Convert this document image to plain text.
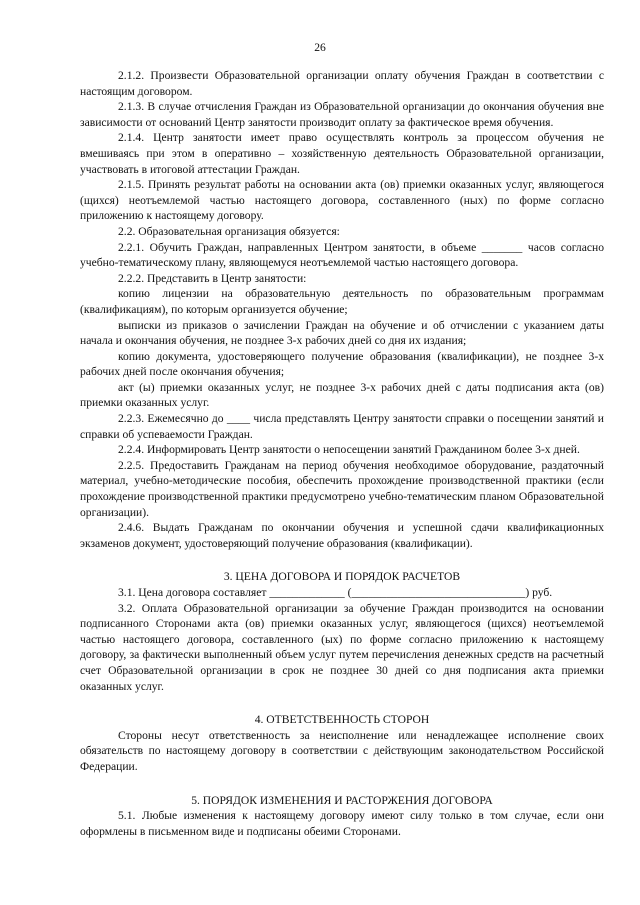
26

2.1.2. Произвести Образовательной организации оплату обучения Граждан в соответствии с настоящим договором.

2.1.3. В случае отчисления Граждан из Образовательной организации до окончания обучения вне зависимости от оснований Центр занятости производит оплату за фактическое время обучения.

2.1.4. Центр занятости имеет право осуществлять контроль за процессом обучения не вмешиваясь при этом в оперативно – хозяйственную деятельность Образовательной организации, участвовать в итоговой аттестации Граждан.

2.1.5. Принять результат работы на основании акта (ов) приемки оказанных услуг, являющегося (щихся) неотъемлемой частью настоящего договора, составленного (ных) по форме согласно приложению к настоящему договору.

2.2. Образовательная организация обязуется:

2.2.1. Обучить Граждан, направленных Центром занятости, в объеме _______ часов согласно учебно-тематическому плану, являющемуся неотъемлемой частью настоящего договора.

2.2.2. Представить в Центр занятости:

копию лицензии на образовательную деятельность по образовательным программам (квалификациям), по которым организуется обучение;

выписки из приказов о зачислении Граждан на обучение и об отчислении с указанием даты начала и окончания обучения, не позднее 3-х рабочих дней со дня их издания;

копию документа, удостоверяющего получение образования (квалификации), не позднее 3-х рабочих дней после окончания обучения;

акт (ы) приемки оказанных услуг, не позднее 3-х рабочих дней с даты подписания акта (ов) приемки оказанных услуг.

2.2.3. Ежемесячно до ____ числа представлять Центру занятости справки о посещении занятий и справки об успеваемости Граждан.

2.2.4. Информировать Центр занятости о непосещении занятий Гражданином более 3-х дней.

2.2.5. Предоставить Гражданам на период обучения необходимое оборудование, раздаточный материал, учебно-методические пособия, обеспечить прохождение производственной практики (если прохождение производственной практики предусмотрено учебно-тематическим планом Образовательной организации).

2.4.6. Выдать Гражданам по окончании обучения и успешной сдачи квалификационных экзаменов документ, удостоверяющий получение образования (квалификации).

3. ЦЕНА ДОГОВОРА И ПОРЯДОК РАСЧЕТОВ

3.1. Цена договора составляет _____________ (______________________________) руб.

3.2. Оплата Образовательной организации за обучение Граждан производится на основании подписанного Сторонами акта (ов) приемки оказанных услуг, являющегося (щихся) неотъемлемой частью настоящего договора, составленного (ых) по форме согласно приложению к настоящему договору, за фактически выполненный объем услуг путем перечисления денежных средств на расчетный счет Образовательной организации в срок не позднее 30 дней со дня подписания акта приемки оказанных услуг.

4. ОТВЕТСТВЕННОСТЬ СТОРОН

Стороны несут ответственность за неисполнение или ненадлежащее исполнение своих обязательств по настоящему договору в соответствии с действующим законодательством Российской Федерации.

5. ПОРЯДОК ИЗМЕНЕНИЯ И РАСТОРЖЕНИЯ ДОГОВОРА

5.1. Любые изменения к настоящему договору имеют силу только в том случае, если они оформлены в письменном виде и подписаны обеими Сторонами.
